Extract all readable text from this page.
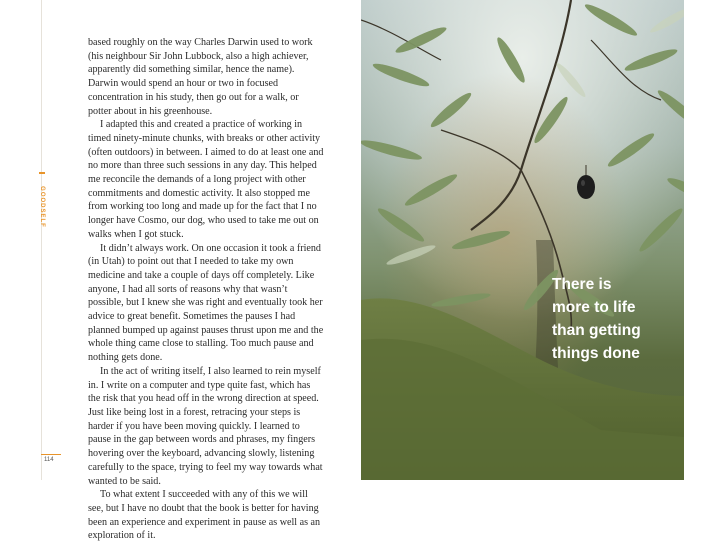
GOODSELF
114

based roughly on the way Charles Darwin used to work (his neighbour Sir John Lubbock, also a high achiever, apparently did something similar, hence the name). Darwin would spend an hour or two in focused concentration in his study, then go out for a walk, or potter about in his greenhouse.

I adapted this and created a practice of working in timed ninety-minute chunks, with breaks or other activity (often outdoors) in between. I aimed to do at least one and no more than three such sessions in any day. This helped me reconcile the demands of a long project with other commitments and domestic activity. It also stopped me from working too long and made up for the fact that I no longer have Cosmo, our dog, who used to take me out on walks when I got stuck.

It didn’t always work. On one occasion it took a friend (in Utah) to point out that I needed to take my own medicine and take a couple of days off completely. Like anyone, I had all sorts of reasons why that wasn’t possible, but I knew she was right and eventually took her advice to great benefit. Sometimes the pauses I had planned bumped up against pauses thrust upon me and the whole thing came close to stalling. Too much pause and nothing gets done.

In the act of writing itself, I also learned to rein myself in. I write on a computer and type quite fast, which has the risk that you head off in the wrong direction at speed. Just like being lost in a forest, retracing your steps is harder if you have been moving quickly. I learned to pause in the gap between words and phrases, my fingers hovering over the keyboard, advancing slowly, listening carefully to the space, trying to feel my way towards what wanted to be said.

To what extent I succeeded with any of this we will see, but I have no doubt that the book is better for having been an experience and experiment in pause as well as an exploration of it.

There is
more to life
than getting
things done
